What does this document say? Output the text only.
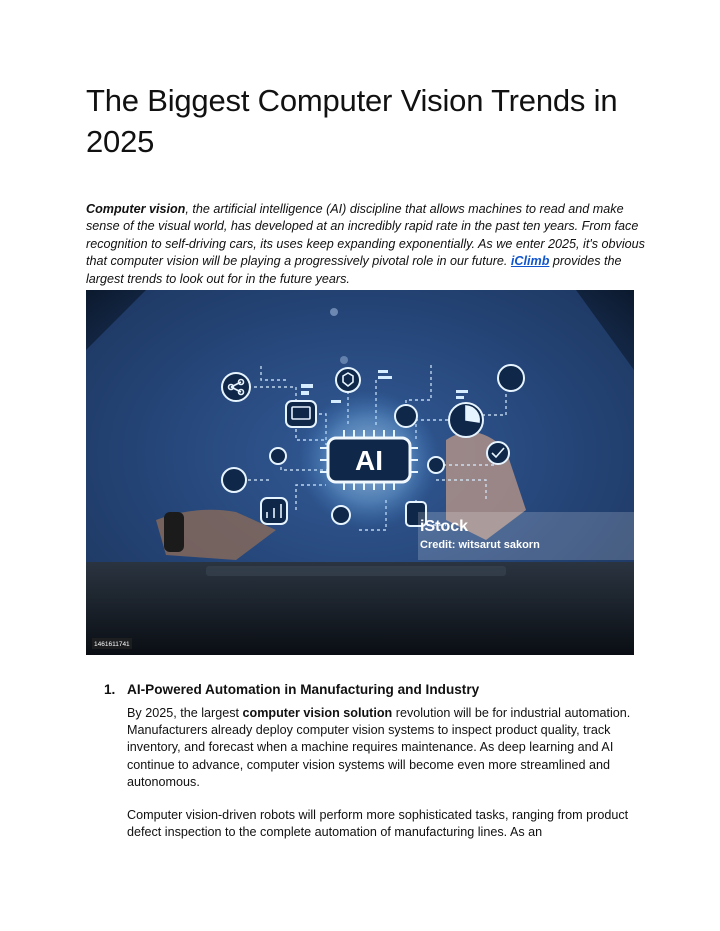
The Biggest Computer Vision Trends in 2025

Computer vision, the artificial intelligence (AI) discipline that allows machines to read and make sense of the visual world, has developed at an incredibly rapid rate in the past ten years. From face recognition to self-driving cars, its uses keep expanding exponentially. As we enter 2025, it's obvious that computer vision will be playing a progressively pivotal role in our future. iClimb provides the largest trends to look out for in the future years.

AI
iStock
Credit: witsarut sakorn
1461611741
1. AI-Powered Automation in Manufacturing and Industry

By 2025, the largest computer vision solution revolution will be for industrial automation. Manufacturers already deploy computer vision systems to inspect product quality, track inventory, and forecast when a machine requires maintenance. As deep learning and AI continue to advance, computer vision systems will become even more streamlined and autonomous.

Computer vision-driven robots will perform more sophisticated tasks, ranging from product defect inspection to the complete automation of manufacturing lines. As an
